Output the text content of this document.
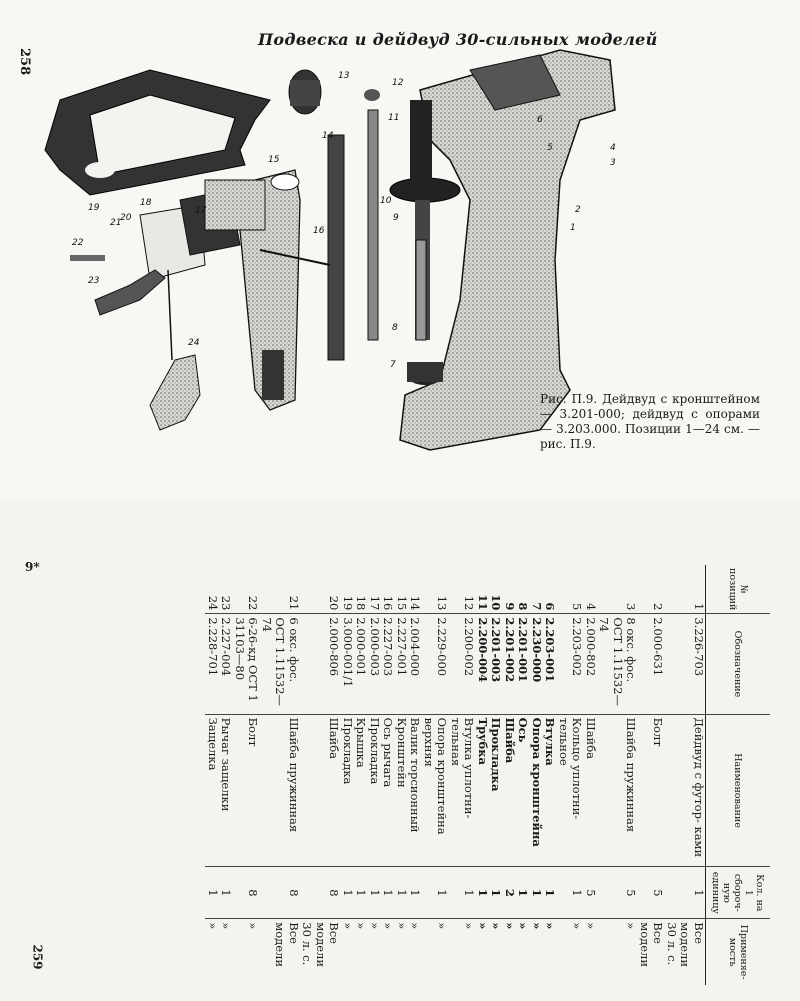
258
Подвеска и дейдвуд 30-сильных моделей
1
2
3
4
5
6
7
8
9
10
11
12
13
14
15
16
17
18
19
20
21
22
23
24
Рис. П.9. Дейдвуд с кронштейном — 3.201-000; дейдвуд с опорами — 3.203.000. Позиции 1—24 см. — рис. П.9.
9*
259
№ позиций	Обозначение	Наименование	Кол. на 1 сбороч- ную единицу	Применяе- мость
1	3.226-703	Дейдвуд с футор- ками	1	Все модели 30 л. с.
2	2.000-631	Болт	5	Все модели
3	8 окс. фос. ОСТ 1.11532—74	Шайба пружинная	5	»
4	2.000-802	Шайба	5	»
5	2.203-002	Кольцо уплотни- тельное	1	»
6	2.203-001	Втулка	1	»
7	2.230-000	Опора кронштейна	1	»
8	2.201-001	Ось	1	»
9	2.201-002	Шайба	2	»
10	2.201-003	Прокладка	1	»
11	2.200-004	Трубка	1	»
12	2.200-002	Втулка уплотни- тельная	1	»
13	2.229-000	Опора кронштейна верхняя	1	»
14	2.004-000	Валик торсионный	1	»
15	2.227-001	Кронштейн	1	»
16	2.227-003	Ось рычага	1	»
17	2.000-003	Прокладка	1	»
18	2.000-001	Крышка	1	»
19	3.000-001/1	Прокладка	1	»
20	2.000-806	Шайба	8	Все модели 30 л. с.
21	6 окс. фос. ОСТ 1.11532—74	Шайба пружинная	8	Все модели
22	6-26-кд ОСТ 1 31103—80	Болт	8	»
23	2.227-004	Рычаг защелки	1	»
24	2.228-701	Защелка	1	»
